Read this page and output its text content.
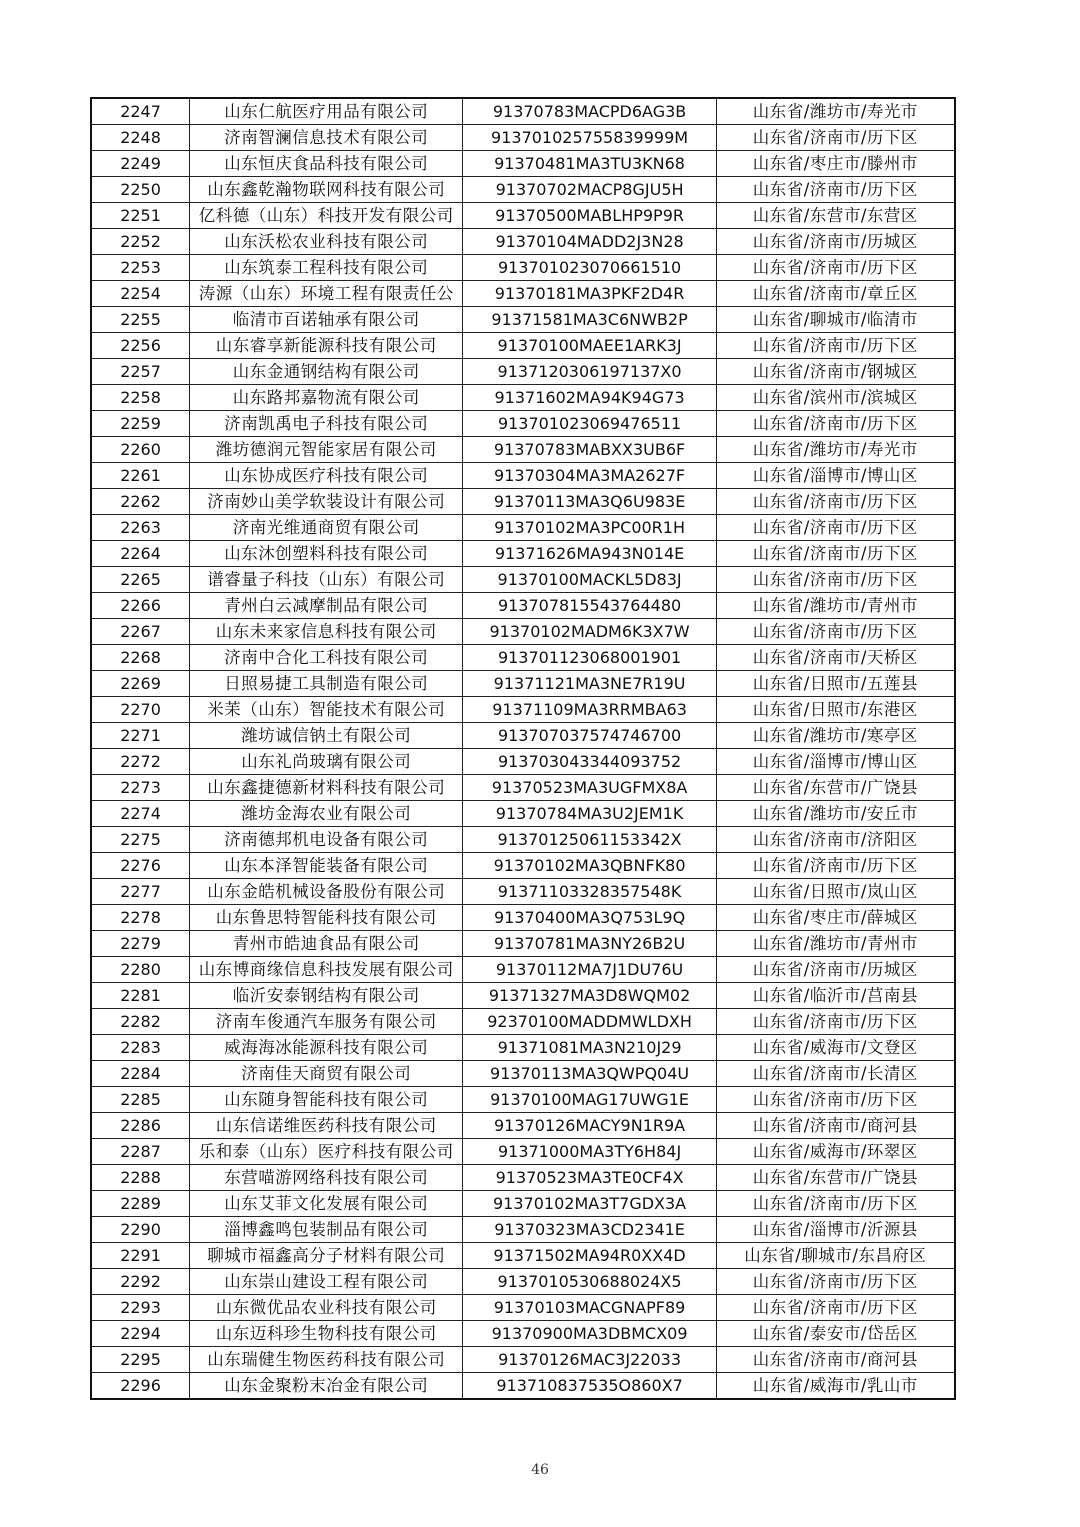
2247	山东仁航医疗用品有限公司	91370783MACPD6AG3B	山东省/潍坊市/寿光市
2248	济南智澜信息技术有限公司	913701025755839999M	山东省/济南市/历下区
2249	山东恒庆食品科技有限公司	91370481MA3TU3KN68	山东省/枣庄市/滕州市
2250	山东鑫乾瀚物联网科技有限公司	91370702MACP8GJU5H	山东省/济南市/历下区
2251	亿科德（山东）科技开发有限公司	91370500MABLHP9P9R	山东省/东营市/东营区
2252	山东沃松农业科技有限公司	91370104MADD2J3N28	山东省/济南市/历城区
2253	山东筑泰工程科技有限公司	913701023070661510	山东省/济南市/历下区
2254	涛源（山东）环境工程有限责任公	91370181MA3PKF2D4R	山东省/济南市/章丘区
2255	临清市百诺轴承有限公司	91371581MA3C6NWB2P	山东省/聊城市/临清市
2256	山东睿享新能源科技有限公司	91370100MAEE1ARK3J	山东省/济南市/历下区
2257	山东金通钢结构有限公司	9137120306197137X0	山东省/济南市/钢城区
2258	山东路邦嘉物流有限公司	91371602MA94K94G73	山东省/滨州市/滨城区
2259	济南凯禹电子科技有限公司	913701023069476511	山东省/济南市/历下区
2260	潍坊德润元智能家居有限公司	91370783MABXX3UB6F	山东省/潍坊市/寿光市
2261	山东协成医疗科技有限公司	91370304MA3MA2627F	山东省/淄博市/博山区
2262	济南妙山美学软装设计有限公司	91370113MA3Q6U983E	山东省/济南市/历下区
2263	济南光维通商贸有限公司	91370102MA3PC00R1H	山东省/济南市/历下区
2264	山东沐创塑料科技有限公司	91371626MA943N014E	山东省/济南市/历下区
2265	谱睿量子科技（山东）有限公司	91370100MACKL5D83J	山东省/济南市/历下区
2266	青州白云减摩制品有限公司	913707815543764480	山东省/潍坊市/青州市
2267	山东未来家信息科技有限公司	91370102MADM6K3X7W	山东省/济南市/历下区
2268	济南中合化工科技有限公司	913701123068001901	山东省/济南市/天桥区
2269	日照易捷工具制造有限公司	91371121MA3NE7R19U	山东省/日照市/五莲县
2270	米苿（山东）智能技术有限公司	91371109MA3RRMBA63	山东省/日照市/东港区
2271	潍坊诚信钠土有限公司	913707037574746700	山东省/潍坊市/寒亭区
2272	山东礼尚玻璃有限公司	913703043344093752	山东省/淄博市/博山区
2273	山东鑫捷德新材料科技有限公司	91370523MA3UGFMX8A	山东省/东营市/广饶县
2274	潍坊金海农业有限公司	91370784MA3U2JEM1K	山东省/潍坊市/安丘市
2275	济南德邦机电设备有限公司	91370125061153342X	山东省/济南市/济阳区
2276	山东本泽智能装备有限公司	91370102MA3QBNFK80	山东省/济南市/历下区
2277	山东金皓机械设备股份有限公司	91371103328357548K	山东省/日照市/岚山区
2278	山东鲁思特智能科技有限公司	91370400MA3Q753L9Q	山东省/枣庄市/薛城区
2279	青州市皓迪食品有限公司	91370781MA3NY26B2U	山东省/潍坊市/青州市
2280	山东博商缘信息科技发展有限公司	91370112MA7J1DU76U	山东省/济南市/历城区
2281	临沂安泰钢结构有限公司	91371327MA3D8WQM02	山东省/临沂市/莒南县
2282	济南车俊通汽车服务有限公司	92370100MADDMWLDXH	山东省/济南市/历下区
2283	威海海冰能源科技有限公司	91371081MA3N210J29	山东省/威海市/文登区
2284	济南佳天商贸有限公司	91370113MA3QWPQ04U	山东省/济南市/长清区
2285	山东随身智能科技有限公司	91370100MAG17UWG1E	山东省/济南市/历下区
2286	山东信诺维医药科技有限公司	91370126MACY9N1R9A	山东省/济南市/商河县
2287	乐和泰（山东）医疗科技有限公司	91371000MA3TY6H84J	山东省/威海市/环翠区
2288	东营喵游网络科技有限公司	91370523MA3TE0CF4X	山东省/东营市/广饶县
2289	山东艾菲文化发展有限公司	91370102MA3T7GDX3A	山东省/济南市/历下区
2290	淄博鑫鸣包装制品有限公司	91370323MA3CD2341E	山东省/淄博市/沂源县
2291	聊城市福鑫高分子材料有限公司	91371502MA94R0XX4D	山东省/聊城市/东昌府区
2292	山东崇山建设工程有限公司	9137010530688024X5	山东省/济南市/历下区
2293	山东微优品农业科技有限公司	91370103MACGNAPF89	山东省/济南市/历下区
2294	山东迈科珍生物科技有限公司	91370900MA3DBMCX09	山东省/泰安市/岱岳区
2295	山东瑞健生物医药科技有限公司	91370126MAC3J22033	山东省/济南市/商河县
2296	山东金聚粉末冶金有限公司	913710837535O860X7	山东省/威海市/乳山市
46
